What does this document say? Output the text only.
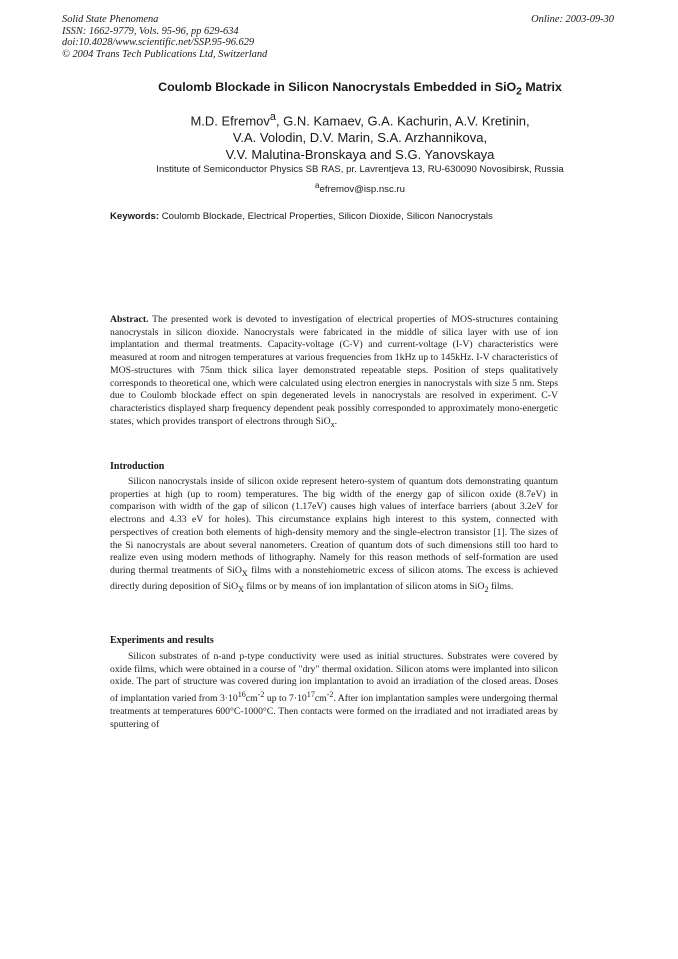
Solid State Phenomena
ISSN: 1662-9779, Vols. 95-96, pp 629-634
doi:10.4028/www.scientific.net/SSP.95-96.629
© 2004 Trans Tech Publications Ltd, Switzerland
Online: 2003-09-30
Coulomb Blockade in Silicon Nanocrystals Embedded in SiO$_2$ Matrix
M.D. Efremov$^a$, G.N. Kamaev, G.A. Kachurin, A.V. Kretinin,
V.A. Volodin, D.V. Marin, S.A. Arzhannikova,
V.V. Malutina-Bronskaya and S.G. Yanovskaya
Institute of Semiconductor Physics SB RAS, pr. Lavrentjeva 13, RU-630090 Novosibirsk, Russia
$^a$efremov@isp.nsc.ru
Keywords: Coulomb Blockade, Electrical Properties, Silicon Dioxide, Silicon Nanocrystals
Abstract. The presented work is devoted to investigation of electrical properties of MOS-structures containing nanocrystals in silicon dioxide. Nanocrystals were fabricated in the middle of silica layer with use of ion implantation and thermal treatments. Capacity-voltage (C-V) and current-voltage (I-V) characteristics were measured at room and nitrogen temperatures at various frequencies from 1kHz up to 145kHz. I-V characteristics of MOS-structures with 75nm thick silica layer demonstrated repeatable steps. Position of steps qualitatively corresponds to theoretical one, which were calculated using electron energies in nanocrystals with size 5 nm. Steps due to Coulomb blockade effect on spin degenerated levels in nanocrystals are resolved in experiment. C-V characteristics displayed sharp frequency dependent peak possibly corresponded to approximately mono-energetic states, which provides transport of electrons through SiO$_x$.
Introduction
Silicon nanocrystals inside of silicon oxide represent hetero-system of quantum dots demonstrating quantum properties at high (up to room) temperatures. The big width of the energy gap of silicon oxide (8.7eV) in comparison with width of the gap of silicon (1.17eV) causes high values of interface barriers (about 3.2eV for electrons and 4.33 eV for holes). This circumstance explains high interest to this system, connected with perspectives of creation both elements of high-density memory and the single-electron transistor [1]. The sizes of the Si nanocrystals are about several nanometers. Creation of quantum dots of such dimensions still too hard to realize even using modern methods of lithography. Namely for this reason methods of self-formation are used during thermal treatments of SiO$_X$ films with a nonstehiometric excess of silicon atoms. The excess is achieved directly during deposition of SiO$_X$ films or by means of ion implantation of silicon atoms in SiO$_2$ films.
Experiments and results
Silicon substrates of n-and p-type conductivity were used as initial structures. Substrates were covered by oxide films, which were obtained in a course of "dry" thermal oxidation. Silicon atoms were implanted into silicon oxide. The part of structure was covered during ion implantation to avoid an irradiation of the closed areas. Doses of implantation varied from $3\cdot 10^{16}cm^{-2}$ up to $7\cdot 10^{17}cm^{-2}$. After ion implantation samples were undergoing thermal treatments at temperatures 600°C-1000°C. Then contacts were formed on the irradiated and not irradiated areas by sputtering of
